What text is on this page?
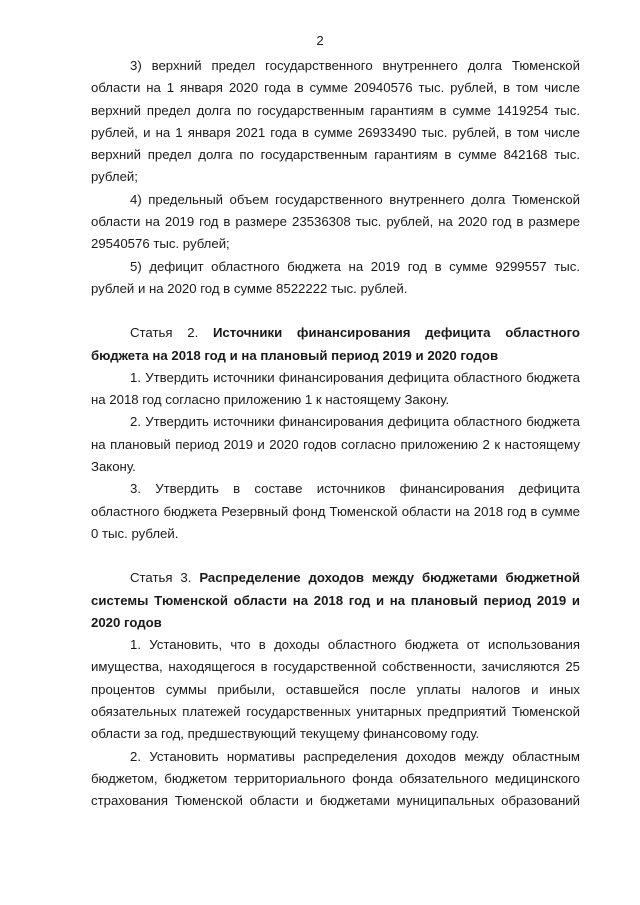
2

3) верхний предел государственного внутреннего долга Тюменской области на 1 января 2020 года в сумме 20940576 тыс. рублей, в том числе верхний предел долга по государственным гарантиям в сумме 1419254 тыс. рублей, и на 1 января 2021 года в сумме 26933490 тыс. рублей, в том числе верхний предел долга по государственным гарантиям в сумме 842168 тыс. рублей;

4) предельный объем государственного внутреннего долга Тюменской области на 2019 год в размере 23536308 тыс. рублей, на 2020 год в размере 29540576 тыс. рублей;

5) дефицит областного бюджета на 2019 год в сумме 9299557 тыс. рублей и на 2020 год в сумме 8522222 тыс. рублей.

Статья 2. Источники финансирования дефицита областного бюджета на 2018 год и на плановый период 2019 и 2020 годов

1. Утвердить источники финансирования дефицита областного бюджета на 2018 год согласно приложению 1 к настоящему Закону.

2. Утвердить источники финансирования дефицита областного бюджета на плановый период 2019 и 2020 годов согласно приложению 2 к настоящему Закону.

3. Утвердить в составе источников финансирования дефицита областного бюджета Резервный фонд Тюменской области на 2018 год в сумме 0 тыс. рублей.

Статья 3. Распределение доходов между бюджетами бюджетной системы Тюменской области на 2018 год и на плановый период 2019 и 2020 годов

1. Установить, что в доходы областного бюджета от использования имущества, находящегося в государственной собственности, зачисляются 25 процентов суммы прибыли, оставшейся после уплаты налогов и иных обязательных платежей государственных унитарных предприятий Тюменской области за год, предшествующий текущему финансовому году.

2. Установить нормативы распределения доходов между областным бюджетом, бюджетом территориального фонда обязательного медицинского страхования Тюменской области и бюджетами муниципальных образований
